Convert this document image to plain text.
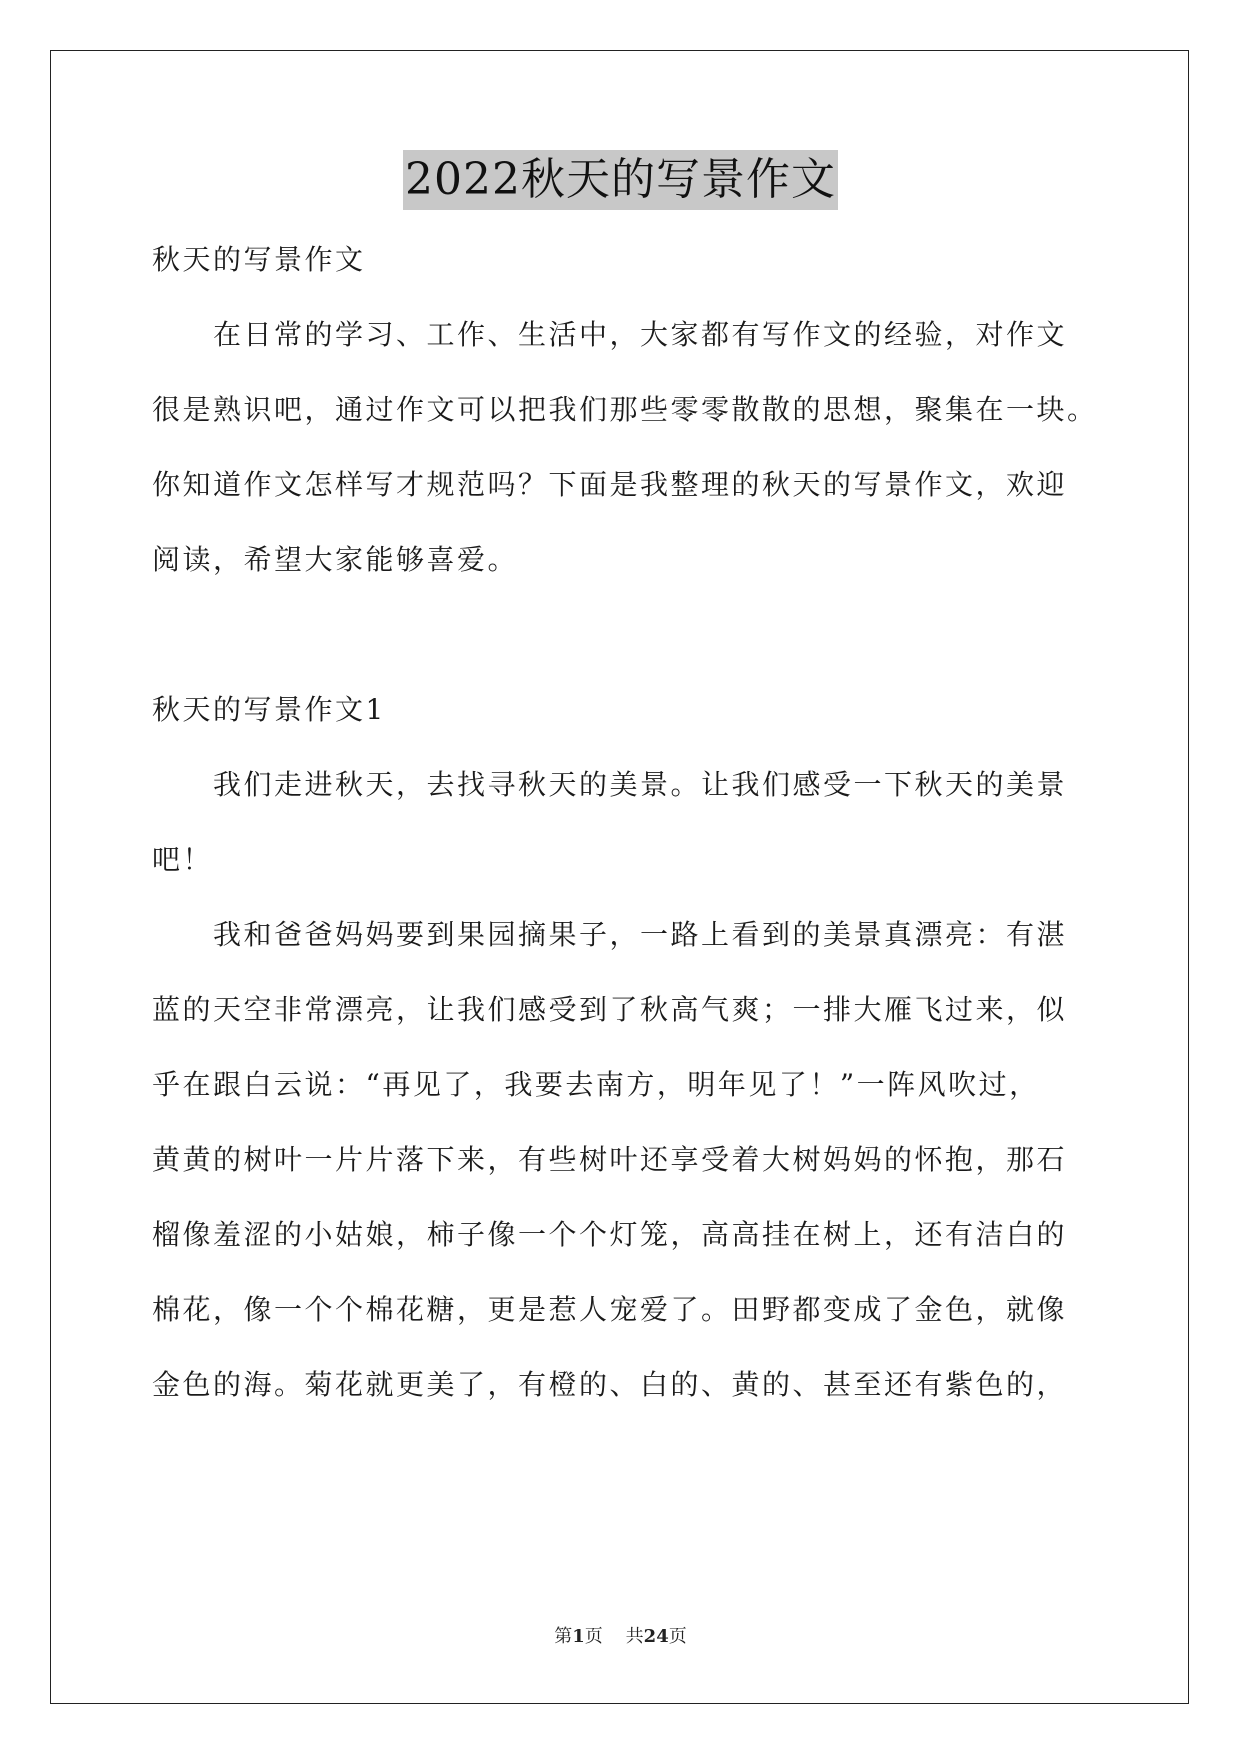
2022秋天的写景作文
秋天的写景作文
　　在日常的学习、工作、生活中，大家都有写作文的经验，对作文
很是熟识吧，通过作文可以把我们那些零零散散的思想，聚集在一块。
你知道作文怎样写才规范吗？下面是我整理的秋天的写景作文，欢迎
阅读，希望大家能够喜爱。
秋天的写景作文1
　　我们走进秋天，去找寻秋天的美景。让我们感受一下秋天的美景
吧！
　　我和爸爸妈妈要到果园摘果子，一路上看到的美景真漂亮：有湛
蓝的天空非常漂亮，让我们感受到了秋高气爽；一排大雁飞过来，似
乎在跟白云说：“再见了，我要去南方，明年见了！”一阵风吹过，
黄黄的树叶一片片落下来，有些树叶还享受着大树妈妈的怀抱，那石
榴像羞涩的小姑娘，柿子像一个个灯笼，高高挂在树上，还有洁白的
棉花，像一个个棉花糖，更是惹人宠爱了。田野都变成了金色，就像
金色的海。菊花就更美了，有橙的、白的、黄的、甚至还有紫色的，
第1页 共24页
